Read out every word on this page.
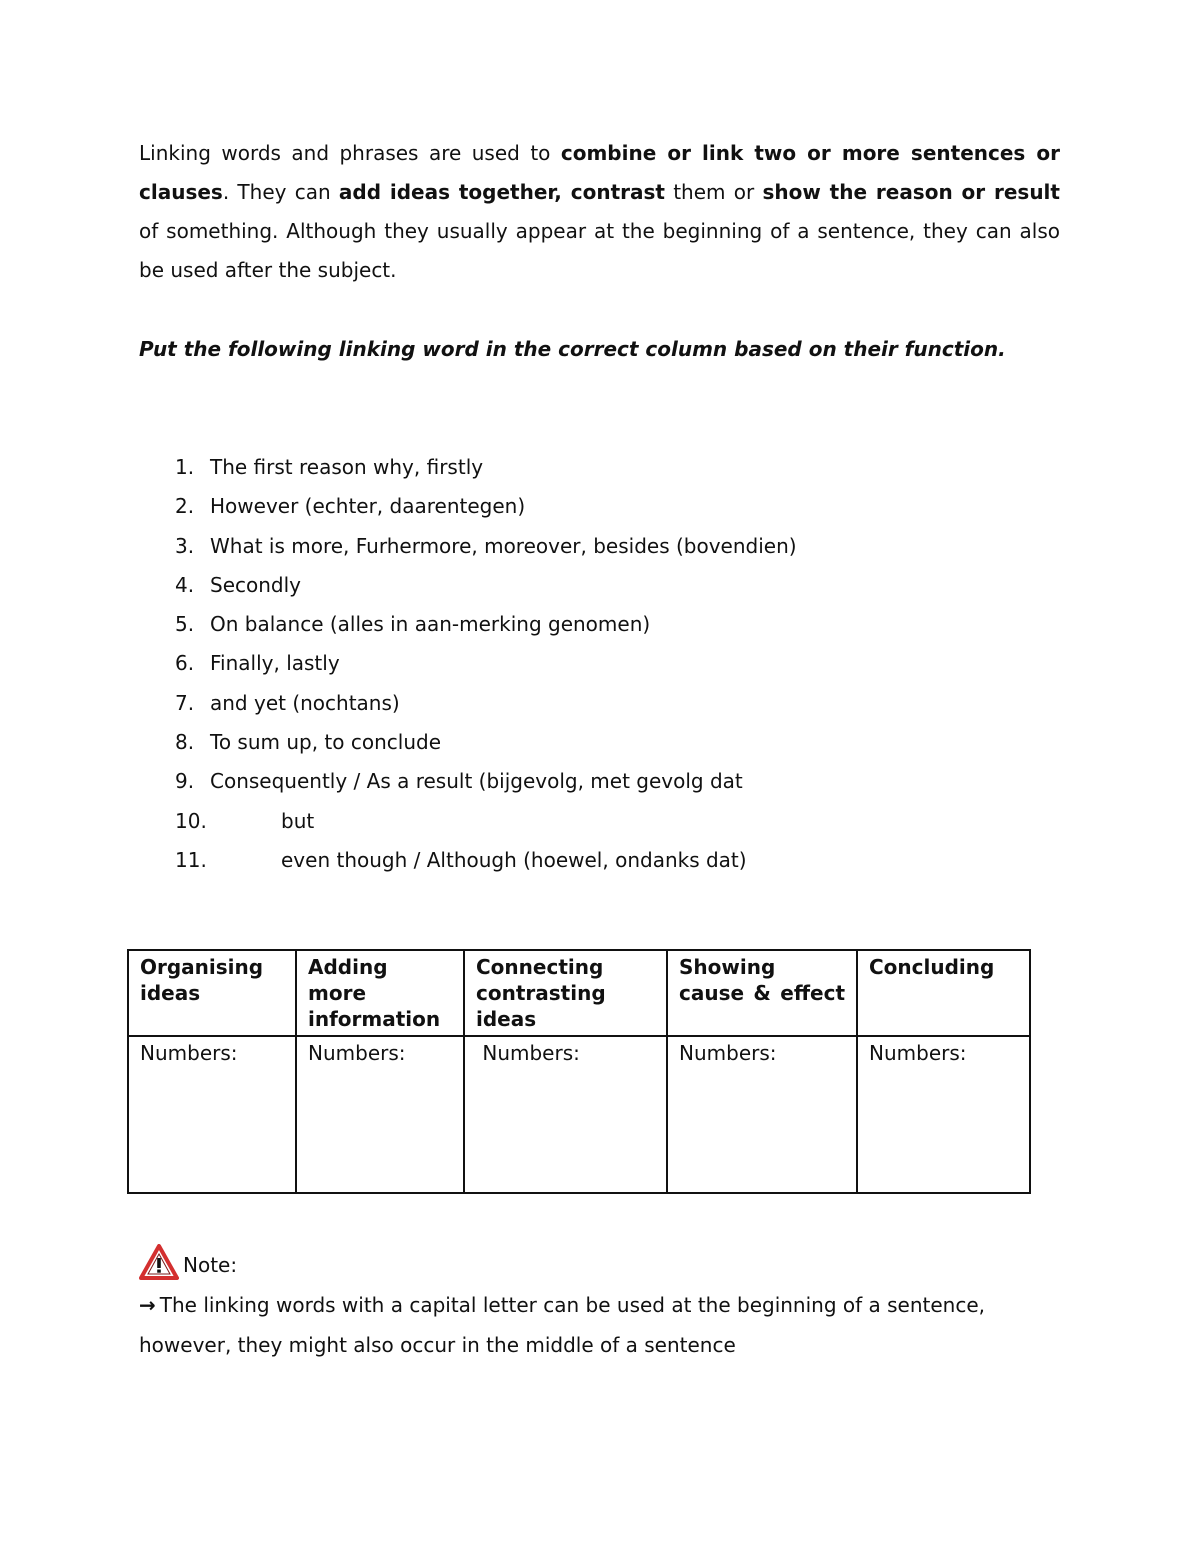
Linking words and phrases are used to combine or link two or more sentences or clauses. They can add ideas together, contrast them or show the reason or result of something. Although they usually appear at the beginning of a sentence, they can also be used after the subject.

Put the following linking word in the correct column based on their function.

1. The first reason why, firstly
2. However (echter, daarentegen)
3. What is more, Furhermore, moreover, besides (bovendien)
4. Secondly
5. On balance (alles in aan-merking genomen)
6. Finally, lastly
7. and yet (nochtans)
8. To sum up, to conclude
9. Consequently / As a result (bijgevolg, met gevolg dat
10.	but
11.	even though / Although (hoewel, ondanks dat)
Organising ideas	Adding more information	Connecting contrasting ideas	Showing cause & effect	Concluding
Numbers:	Numbers:	Numbers:	Numbers:	Numbers:
Note:
→ The linking words with a capital letter can be used at the beginning of a sentence, however, they might also occur in the middle of a sentence
